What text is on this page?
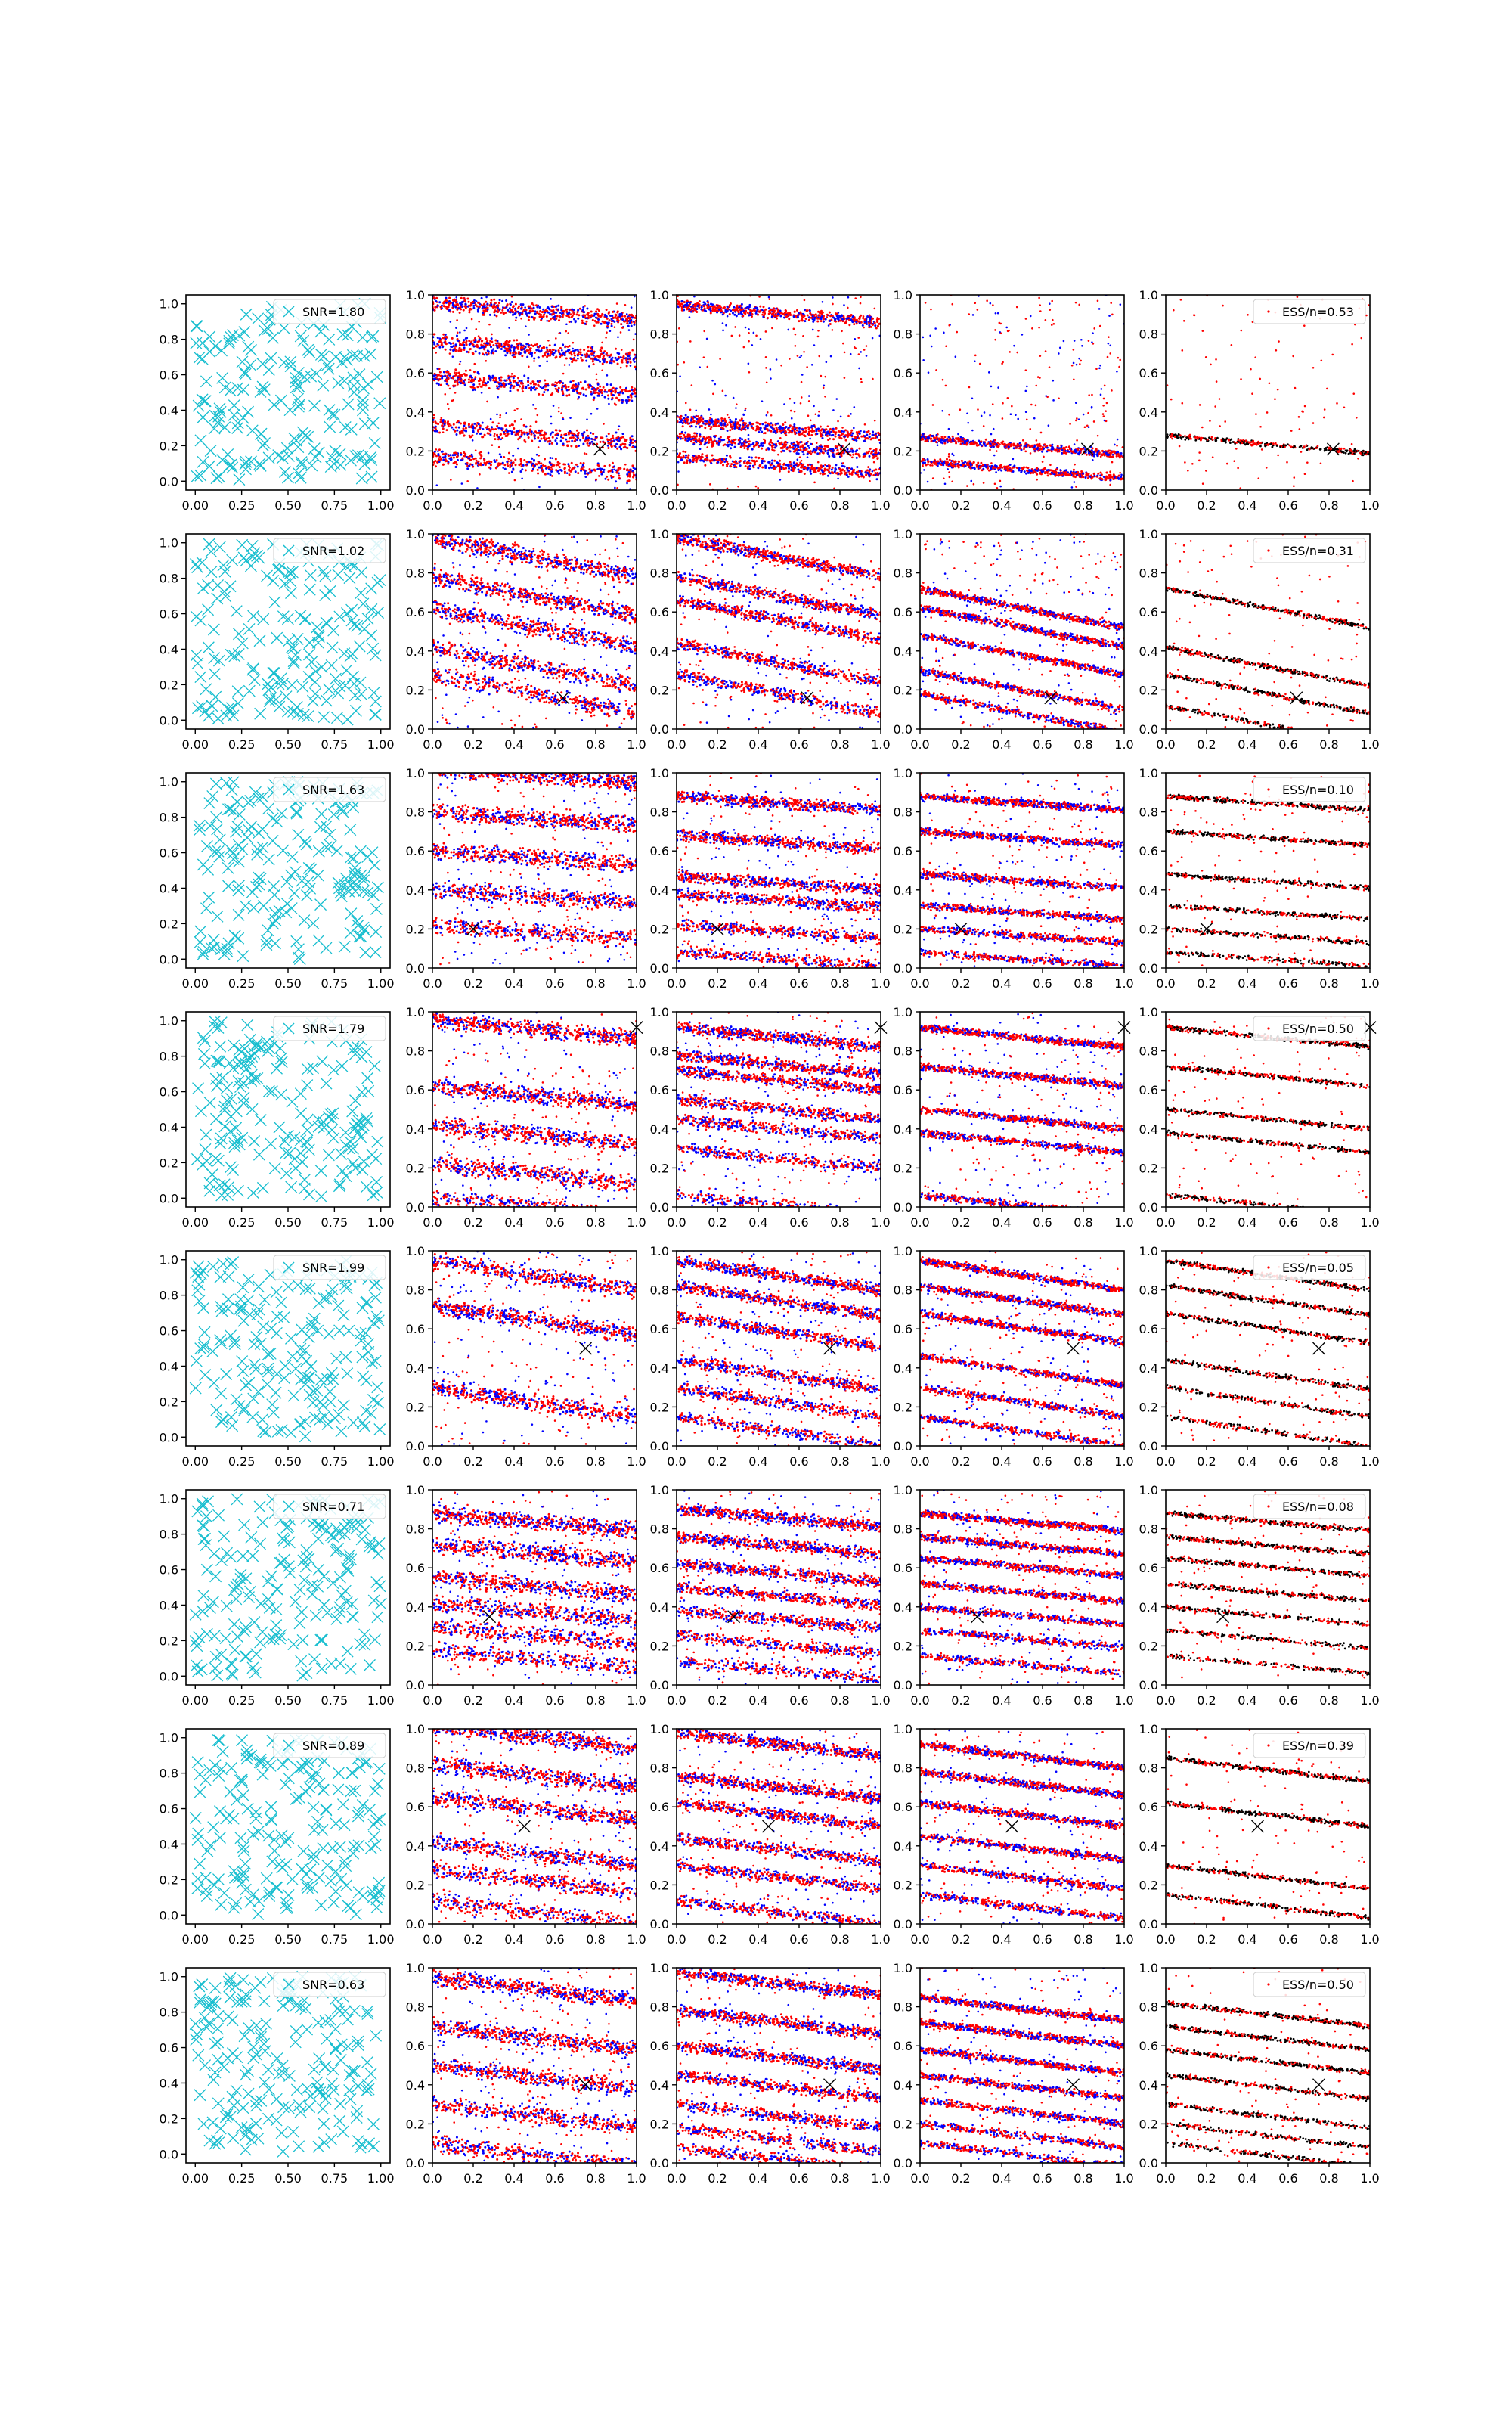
0.00 0.25 0.50 0.75 1.00
0.0
0.2
0.4
0.6
0.8
1.0
SNR=1.80
0.0 0.2 0.4 0.6 0.8 1.0
0.0
0.2
0.4
0.6
0.8
1.0
0.0 0.2 0.4 0.6 0.8 1.0
0.0
0.2
0.4
0.6
0.8
1.0
0.0 0.2 0.4 0.6 0.8 1.0
0.0
0.2
0.4
0.6
0.8
1.0
0.0 0.2 0.4 0.6 0.8 1.0
0.0
0.2
0.4
0.6
0.8
1.0
ESS/n=0.53
0.00 0.25 0.50 0.75 1.00
0.0
0.2
0.4
0.6
0.8
1.0
SNR=1.02
0.0 0.2 0.4 0.6 0.8 1.0
0.0
0.2
0.4
0.6
0.8
1.0
0.0 0.2 0.4 0.6 0.8 1.0
0.0
0.2
0.4
0.6
0.8
1.0
0.0 0.2 0.4 0.6 0.8 1.0
0.0
0.2
0.4
0.6
0.8
1.0
0.0 0.2 0.4 0.6 0.8 1.0
0.0
0.2
0.4
0.6
0.8
1.0
ESS/n=0.31
0.00 0.25 0.50 0.75 1.00
0.0
0.2
0.4
0.6
0.8
1.0
SNR=1.63
0.0 0.2 0.4 0.6 0.8 1.0
0.0
0.2
0.4
0.6
0.8
1.0
0.0 0.2 0.4 0.6 0.8 1.0
0.0
0.2
0.4
0.6
0.8
1.0
0.0 0.2 0.4 0.6 0.8 1.0
0.0
0.2
0.4
0.6
0.8
1.0
0.0 0.2 0.4 0.6 0.8 1.0
0.0
0.2
0.4
0.6
0.8
1.0
ESS/n=0.10
0.00 0.25 0.50 0.75 1.00
0.0
0.2
0.4
0.6
0.8
1.0
SNR=1.79
0.0 0.2 0.4 0.6 0.8 1.0
0.0
0.2
0.4
0.6
0.8
1.0
0.0 0.2 0.4 0.6 0.8 1.0
0.0
0.2
0.4
0.6
0.8
1.0
0.0 0.2 0.4 0.6 0.8 1.0
0.0
0.2
0.4
0.6
0.8
1.0
0.0 0.2 0.4 0.6 0.8 1.0
0.0
0.2
0.4
0.6
0.8
1.0
ESS/n=0.50
0.00 0.25 0.50 0.75 1.00
0.0
0.2
0.4
0.6
0.8
1.0
SNR=1.99
0.0 0.2 0.4 0.6 0.8 1.0
0.0
0.2
0.4
0.6
0.8
1.0
0.0 0.2 0.4 0.6 0.8 1.0
0.0
0.2
0.4
0.6
0.8
1.0
0.0 0.2 0.4 0.6 0.8 1.0
0.0
0.2
0.4
0.6
0.8
1.0
0.0 0.2 0.4 0.6 0.8 1.0
0.0
0.2
0.4
0.6
0.8
1.0
ESS/n=0.05
0.00 0.25 0.50 0.75 1.00
0.0
0.2
0.4
0.6
0.8
1.0
SNR=0.71
0.0 0.2 0.4 0.6 0.8 1.0
0.0
0.2
0.4
0.6
0.8
1.0
0.0 0.2 0.4 0.6 0.8 1.0
0.0
0.2
0.4
0.6
0.8
1.0
0.0 0.2 0.4 0.6 0.8 1.0
0.0
0.2
0.4
0.6
0.8
1.0
0.0 0.2 0.4 0.6 0.8 1.0
0.0
0.2
0.4
0.6
0.8
1.0
ESS/n=0.08
0.00 0.25 0.50 0.75 1.00
0.0
0.2
0.4
0.6
0.8
1.0
SNR=0.89
0.0 0.2 0.4 0.6 0.8 1.0
0.0
0.2
0.4
0.6
0.8
1.0
0.0 0.2 0.4 0.6 0.8 1.0
0.0
0.2
0.4
0.6
0.8
1.0
0.0 0.2 0.4 0.6 0.8 1.0
0.0
0.2
0.4
0.6
0.8
1.0
0.0 0.2 0.4 0.6 0.8 1.0
0.0
0.2
0.4
0.6
0.8
1.0
ESS/n=0.39
0.00 0.25 0.50 0.75 1.00
0.0
0.2
0.4
0.6
0.8
1.0
SNR=0.63
0.0 0.2 0.4 0.6 0.8 1.0
0.0
0.2
0.4
0.6
0.8
1.0
0.0 0.2 0.4 0.6 0.8 1.0
0.0
0.2
0.4
0.6
0.8
1.0
0.0 0.2 0.4 0.6 0.8 1.0
0.0
0.2
0.4
0.6
0.8
1.0
0.0 0.2 0.4 0.6 0.8 1.0
0.0
0.2
0.4
0.6
0.8
1.0
ESS/n=0.50
